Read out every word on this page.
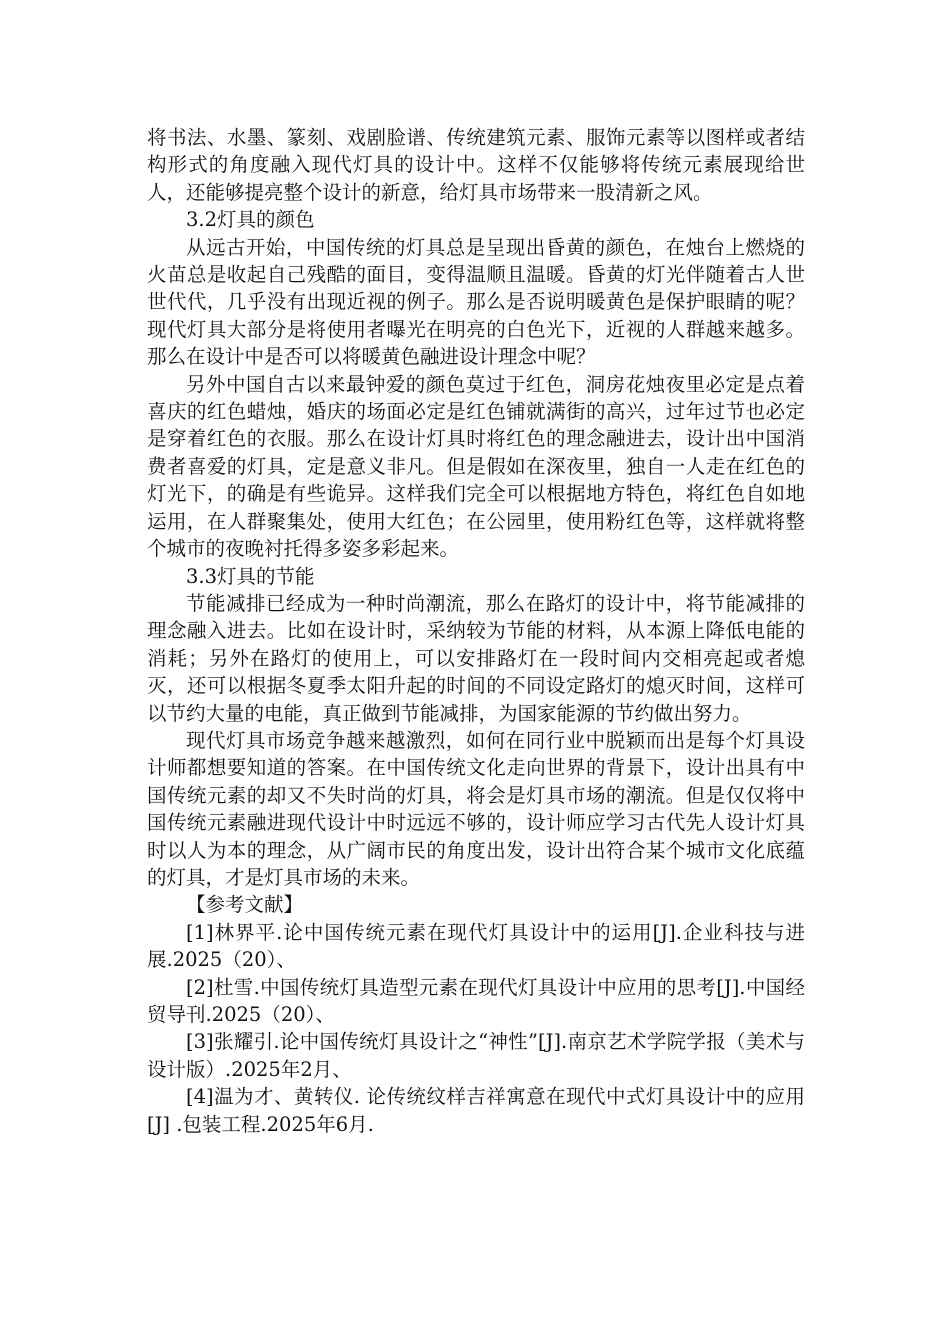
将书法、水墨、篆刻、戏剧脸谱、传统建筑元素、服饰元素等以图样或者结构形式的角度融入现代灯具的设计中。这样不仅能够将传统元素展现给世人，还能够提亮整个设计的新意，给灯具市场带来一股清新之风。

3.2灯具的颜色

从远古开始，中国传统的灯具总是呈现出昏黄的颜色，在烛台上燃烧的火苗总是收起自己残酷的面目，变得温顺且温暖。昏黄的灯光伴随着古人世世代代，几乎没有出现近视的例子。那么是否说明暖黄色是保护眼睛的呢？现代灯具大部分是将使用者曝光在明亮的白色光下，近视的人群越来越多。那么在设计中是否可以将暖黄色融进设计理念中呢？

另外中国自古以来最钟爱的颜色莫过于红色，洞房花烛夜里必定是点着喜庆的红色蜡烛，婚庆的场面必定是红色铺就满街的高兴，过年过节也必定是穿着红色的衣服。那么在设计灯具时将红色的理念融进去，设计出中国消费者喜爱的灯具，定是意义非凡。但是假如在深夜里，独自一人走在红色的灯光下，的确是有些诡异。这样我们完全可以根据地方特色，将红色自如地运用，在人群聚集处，使用大红色；在公园里，使用粉红色等，这样就将整个城市的夜晚衬托得多姿多彩起来。

3.3灯具的节能

节能减排已经成为一种时尚潮流，那么在路灯的设计中，将节能减排的理念融入进去。比如在设计时，采纳较为节能的材料，从本源上降低电能的消耗；另外在路灯的使用上，可以安排路灯在一段时间内交相亮起或者熄灭，还可以根据冬夏季太阳升起的时间的不同设定路灯的熄灭时间，这样可以节约大量的电能，真正做到节能减排，为国家能源的节约做出努力。

现代灯具市场竞争越来越激烈，如何在同行业中脱颖而出是每个灯具设计师都想要知道的答案。在中国传统文化走向世界的背景下，设计出具有中国传统元素的却又不失时尚的灯具，将会是灯具市场的潮流。但是仅仅将中国传统元素融进现代设计中时远远不够的，设计师应学习古代先人设计灯具时以人为本的理念，从广阔市民的角度出发，设计出符合某个城市文化底蕴的灯具，才是灯具市场的未来。

【参考文献】

[1]林界平.论中国传统元素在现代灯具设计中的运用[J].企业科技与进展.2025（20）、

[2]杜雪.中国传统灯具造型元素在现代灯具设计中应用的思考[J].中国经贸导刊.2025（20）、

[3]张耀引.论中国传统灯具设计之“神性”[J].南京艺术学院学报（美术与设计版）.2025年2月、

[4]温为才、黄转仪. 论传统纹样吉祥寓意在现代中式灯具设计中的应用[J] .包装工程.2025年6月.
